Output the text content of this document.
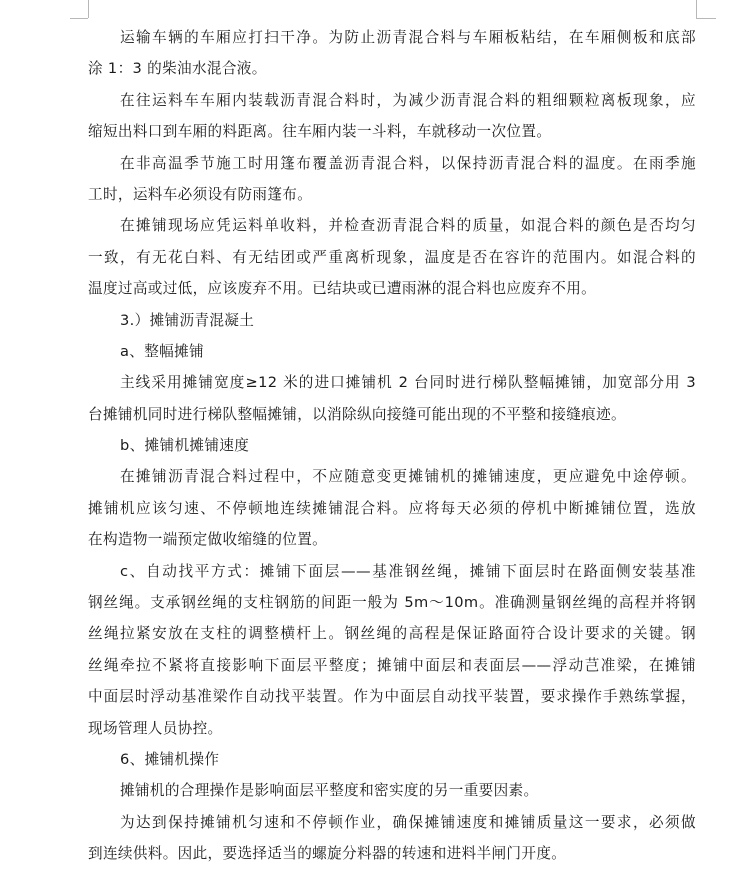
运输车辆的车厢应打扫干净。为防止沥青混合料与车厢板粘结，在车厢侧板和底部
涂 1：3 的柴油水混合液。
在往运料车车厢内装载沥青混合料时，为减少沥青混合料的粗细颗粒离板现象，应
缩短出料口到车厢的料距离。往车厢内装一斗料，车就移动一次位置。
在非高温季节施工时用篷布覆盖沥青混合料，以保持沥青混合料的温度。在雨季施
工时，运料车必须设有防雨篷布。
在摊铺现场应凭运料单收料，并检查沥青混合料的质量，如混合料的颜色是否均匀
一致，有无花白料、有无结团或严重离析现象，温度是否在容许的范围内。如混合料的
温度过高或过低，应该废弃不用。已结块或已遭雨淋的混合料也应废弃不用。
3.）摊铺沥青混凝土
a、整幅摊铺
主线采用摊铺宽度≥12 米的进口摊铺机 2 台同时进行梯队整幅摊铺，加宽部分用 3
台摊铺机同时进行梯队整幅摊铺，以消除纵向接缝可能出现的不平整和接缝痕迹。
b、摊铺机摊铺速度
在摊铺沥青混合料过程中，不应随意变更摊铺机的摊铺速度，更应避免中途停顿。
摊铺机应该匀速、不停顿地连续摊铺混合料。应将每天必须的停机中断摊铺位置，选放
在构造物一端预定做收缩缝的位置。
c、自动找平方式：摊铺下面层——基准钢丝绳，摊铺下面层时在路面侧安装基准
钢丝绳。支承钢丝绳的支柱钢筋的间距一般为 5m～10m。准确测量钢丝绳的高程并将钢
丝绳拉紧安放在支柱的调整横杆上。钢丝绳的高程是保证路面符合设计要求的关键。钢
丝绳牵拉不紧将直接影响下面层平整度；摊铺中面层和表面层——浮动芑准梁，在摊铺
中面层时浮动基准梁作自动找平装置。作为中面层自动找平装置，要求操作手熟练掌握，
现场管理人员协控。
6、摊铺机操作
摊铺机的合理操作是影响面层平整度和密实度的另一重要因素。
为达到保持摊铺机匀速和不停顿作业，确保摊铺速度和摊铺质量这一要求，必须做
到连续供料。因此，要选择适当的螺旋分料器的转速和进料半闸门开度。
